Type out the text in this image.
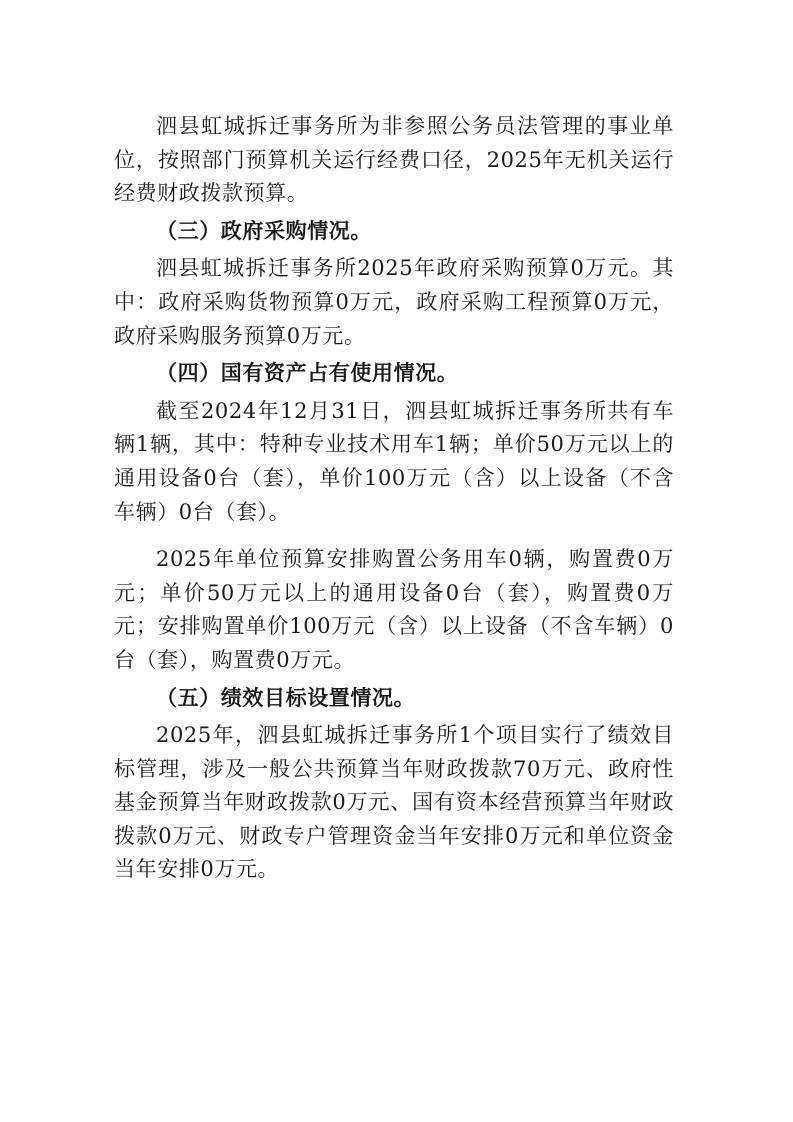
泗县虹城拆迁事务所为非参照公务员法管理的事业单位，按照部门预算机关运行经费口径，2025年无机关运行经费财政拨款预算。

（三）政府采购情况。

泗县虹城拆迁事务所2025年政府采购预算0万元。其中：政府采购货物预算0万元，政府采购工程预算0万元，政府采购服务预算0万元。

（四）国有资产占有使用情况。

截至2024年12月31日，泗县虹城拆迁事务所共有车辆1辆，其中：特种专业技术用车1辆；单价50万元以上的通用设备0台（套），单价100万元（含）以上设备（不含车辆）0台（套）。

2025年单位预算安排购置公务用车0辆，购置费0万元；单价50万元以上的通用设备0台（套），购置费0万元；安排购置单价100万元（含）以上设备（不含车辆）0台（套），购置费0万元。

（五）绩效目标设置情况。

2025年，泗县虹城拆迁事务所1个项目实行了绩效目标管理，涉及一般公共预算当年财政拨款70万元、政府性基金预算当年财政拨款0万元、国有资本经营预算当年财政拨款0万元、财政专户管理资金当年安排0万元和单位资金当年安排0万元。
